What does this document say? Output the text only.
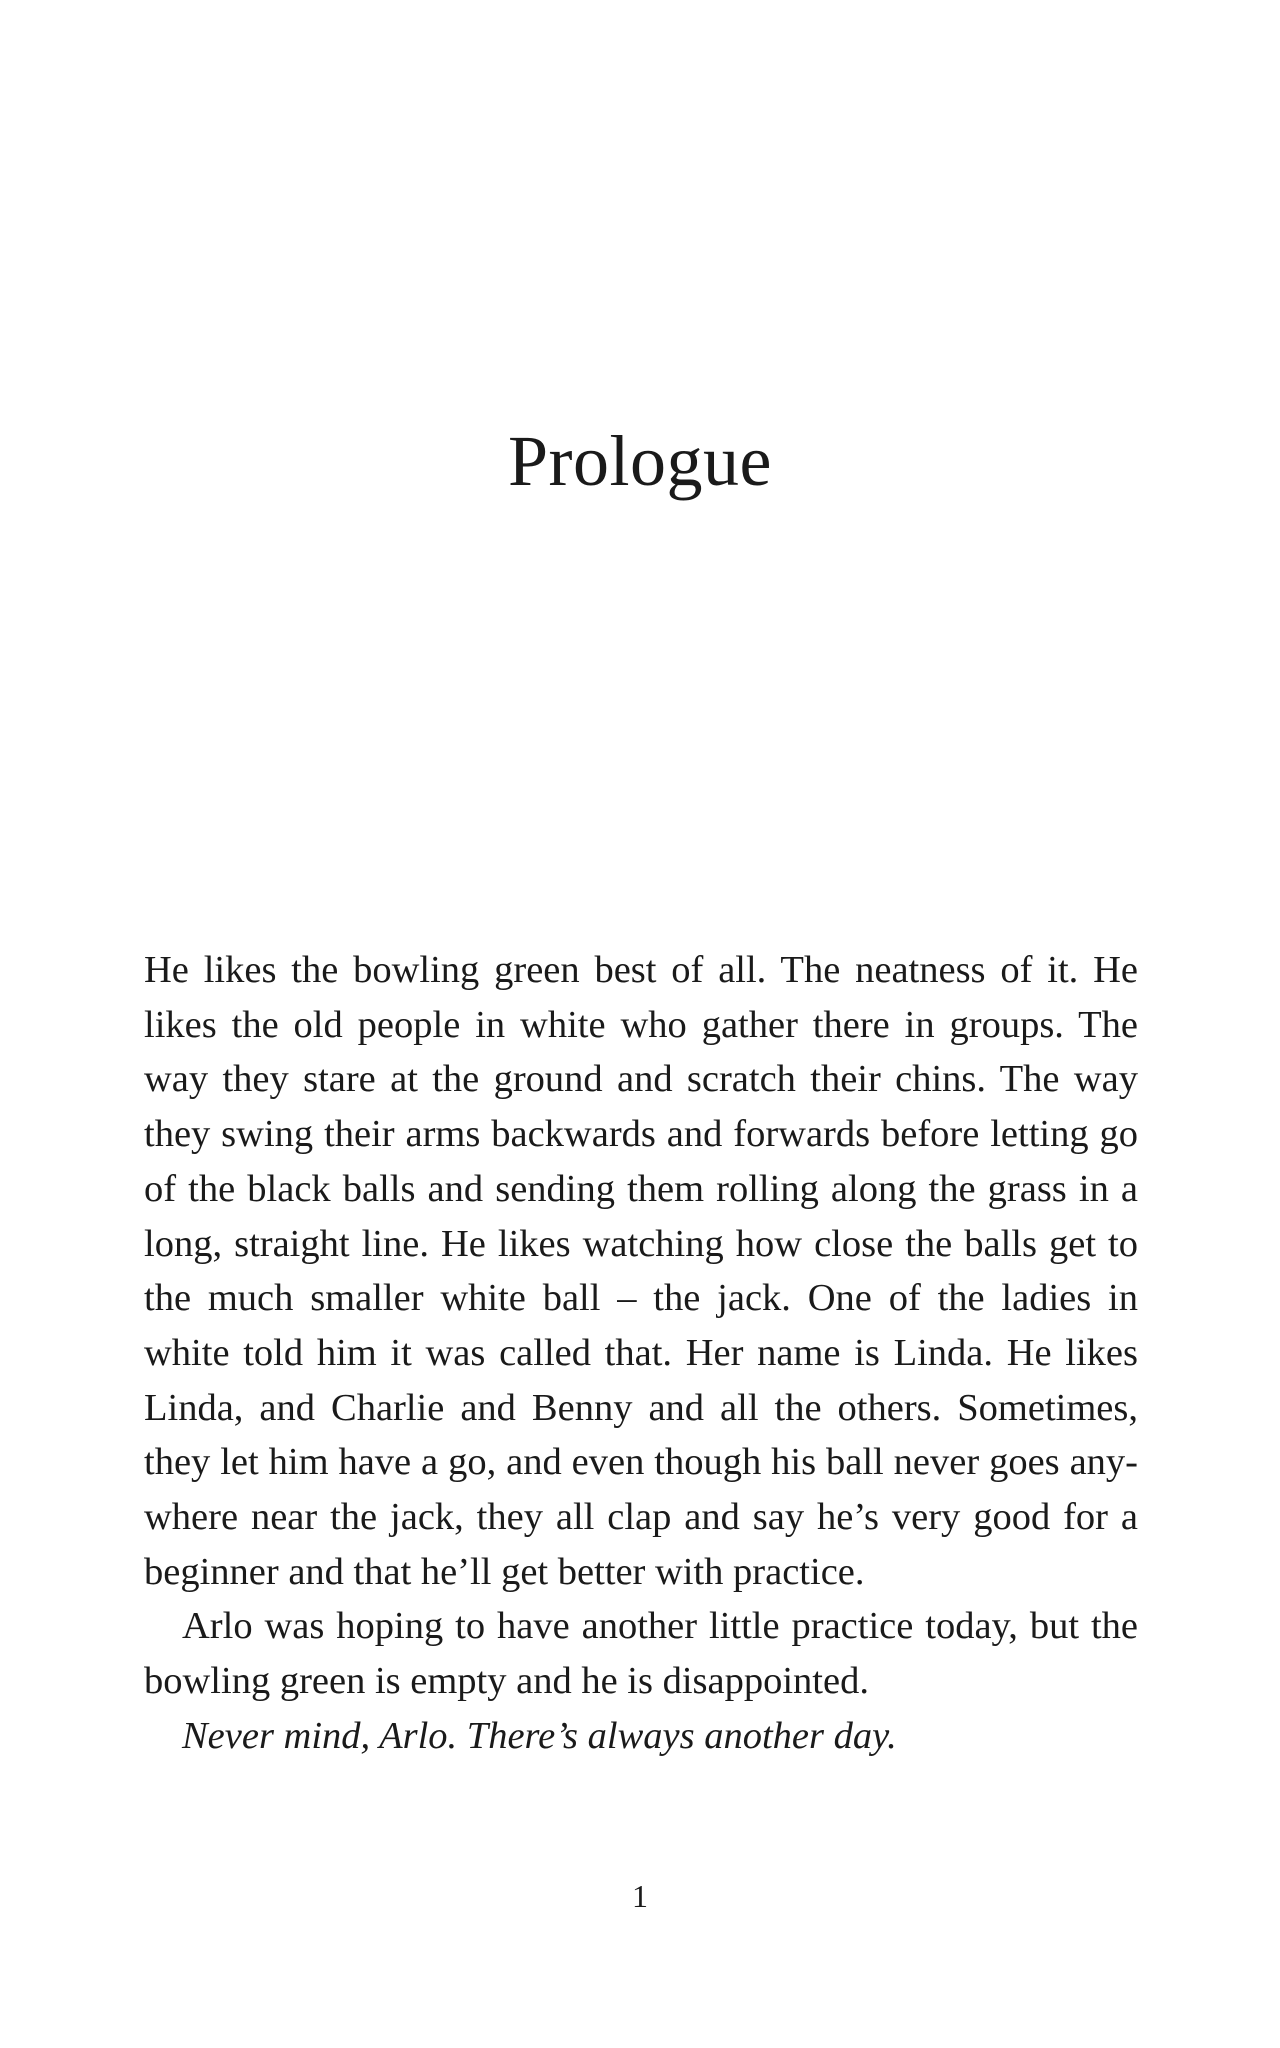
Prologue

He likes the bowling green best of all. The neatness of it. He likes the old people in white who gather there in groups. The way they stare at the ground and scratch their chins. The way they swing their arms backwards and forwards before letting go of the black balls and sending them rolling along the grass in a long, straight line. He likes watching how close the balls get to the much smaller white ball – the jack. One of the ladies in white told him it was called that. Her name is Linda. He likes Linda, and Charlie and Benny and all the others. Sometimes, they let him have a go, and even though his ball never goes anywhere near the jack, they all clap and say he’s very good for a beginner and that he’ll get better with practice.

Arlo was hoping to have another little practice today, but the bowling green is empty and he is disappointed.

Never mind, Arlo. There’s always another day.

1
